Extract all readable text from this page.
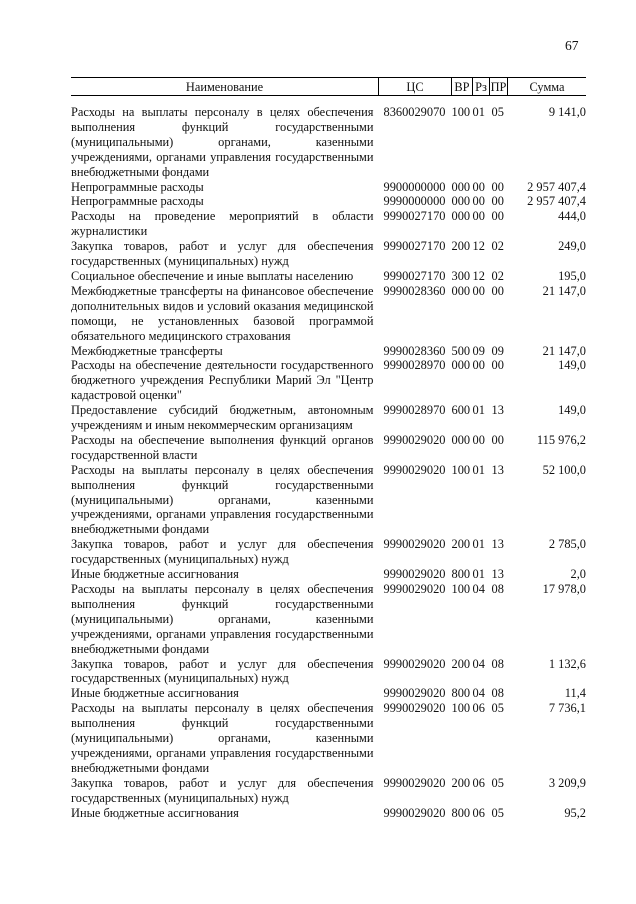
67
Наименование	ЦС	ВР	Рз	ПР	Сумма
Расходы на выплаты персоналу в целях обеспечения выполнения функций государственными (муниципальными) органами, казенными учреждениями, органами управления государственными внебюджетными фондами	8360029070	100	01	05	9 141,0
Непрограммные расходы	9900000000	000	00	00	2 957 407,4
Непрограммные расходы	9990000000	000	00	00	2 957 407,4
Расходы на проведение мероприятий в области журналистики	9990027170	000	00	00	444,0
Закупка товаров, работ и услуг для обеспечения государственных (муниципальных) нужд	9990027170	200	12	02	249,0
Социальное обеспечение и иные выплаты населению	9990027170	300	12	02	195,0
Межбюджетные трансферты на финансовое обеспечение дополнительных видов и условий оказания медицинской помощи, не установленных базовой программой обязательного медицинского страхования	9990028360	000	00	00	21 147,0
Межбюджетные трансферты	9990028360	500	09	09	21 147,0
Расходы на обеспечение деятельности государственного бюджетного учреждения Республики Марий Эл "Центр кадастровой оценки"	9990028970	000	00	00	149,0
Предоставление субсидий бюджетным, автономным учреждениям и иным некоммерческим организациям	9990028970	600	01	13	149,0
Расходы на обеспечение выполнения функций органов государственной власти	9990029020	000	00	00	115 976,2
Расходы на выплаты персоналу в целях обеспечения выполнения функций государственными (муниципальными) органами, казенными учреждениями, органами управления государственными внебюджетными фондами	9990029020	100	01	13	52 100,0
Закупка товаров, работ и услуг для обеспечения государственных (муниципальных) нужд	9990029020	200	01	13	2 785,0
Иные бюджетные ассигнования	9990029020	800	01	13	2,0
Расходы на выплаты персоналу в целях обеспечения выполнения функций государственными (муниципальными) органами, казенными учреждениями, органами управления государственными внебюджетными фондами	9990029020	100	04	08	17 978,0
Закупка товаров, работ и услуг для обеспечения государственных (муниципальных) нужд	9990029020	200	04	08	1 132,6
Иные бюджетные ассигнования	9990029020	800	04	08	11,4
Расходы на выплаты персоналу в целях обеспечения выполнения функций государственными (муниципальными) органами, казенными учреждениями, органами управления государственными внебюджетными фондами	9990029020	100	06	05	7 736,1
Закупка товаров, работ и услуг для обеспечения государственных (муниципальных) нужд	9990029020	200	06	05	3 209,9
Иные бюджетные ассигнования	9990029020	800	06	05	95,2
